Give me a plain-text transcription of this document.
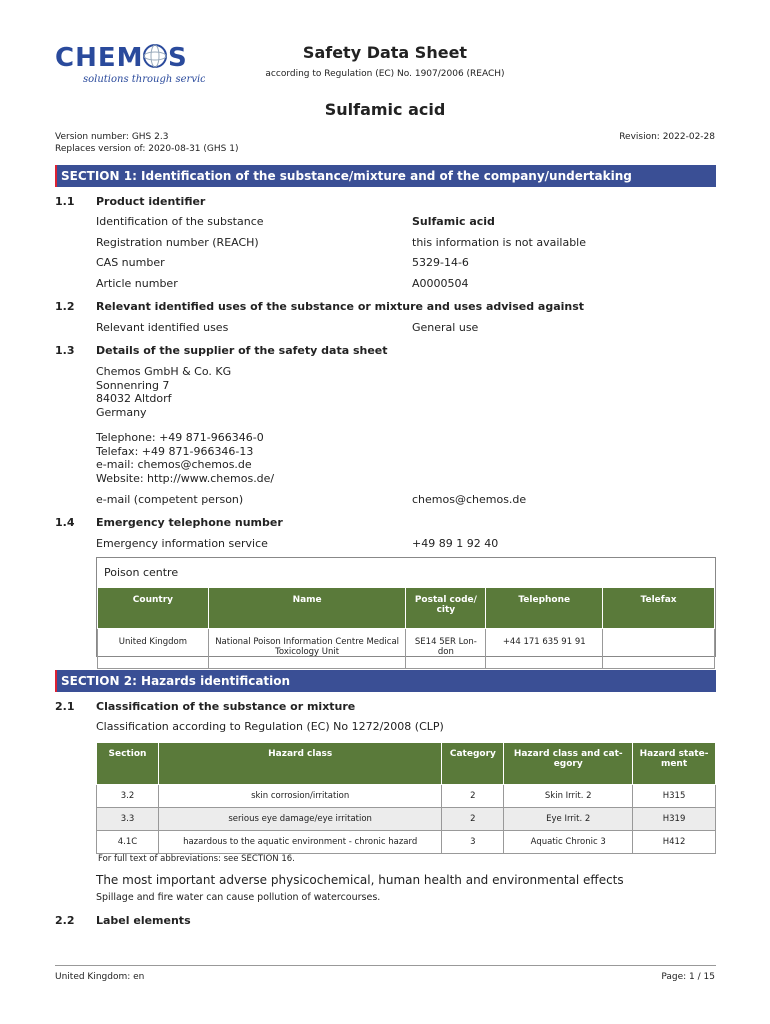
CHEM S
solutions through service
Safety Data Sheet
according to Regulation (EC) No. 1907/2006 (REACH)
Sulfamic acid
Version number: GHS 2.3
Replaces version of: 2020-08-31 (GHS 1)
Revision: 2022-02-28
SECTION 1: Identification of the substance/mixture and of the company/undertaking
1.1 Product identifier
Identification of the substance	Sulfamic acid
Registration number (REACH)	this information is not available
CAS number	5329-14-6
Article number	A0000504
1.2 Relevant identified uses of the substance or mixture and uses advised against
Relevant identified uses	General use
1.3 Details of the supplier of the safety data sheet
Chemos GmbH & Co. KG
Sonnenring 7
84032 Altdorf
Germany
Telephone: +49 871-966346-0
Telefax: +49 871-966346-13
e-mail: chemos@chemos.de
Website: http://www.chemos.de/
e-mail (competent person)	chemos@chemos.de
1.4 Emergency telephone number
Emergency information service	+49 89 1 92 40
Poison centre
Country	Name	Postal code/ city	Telephone	Telefax
United Kingdom	National Poison Information Centre Medical Toxicology Unit	SE14 5ER Lon- don	+44 171 635 91 91	
SECTION 2: Hazards identification
2.1 Classification of the substance or mixture
Classification according to Regulation (EC) No 1272/2008 (CLP)
Section	Hazard class	Category	Hazard class and cat- egory	Hazard state- ment
3.2	skin corrosion/irritation	2	Skin Irrit. 2	H315
3.3	serious eye damage/eye irritation	2	Eye Irrit. 2	H319
4.1C	hazardous to the aquatic environment - chronic hazard	3	Aquatic Chronic 3	H412
For full text of abbreviations: see SECTION 16.
The most important adverse physicochemical, human health and environmental effects
Spillage and fire water can cause pollution of watercourses.
2.2 Label elements
United Kingdom: en	Page: 1 / 15
